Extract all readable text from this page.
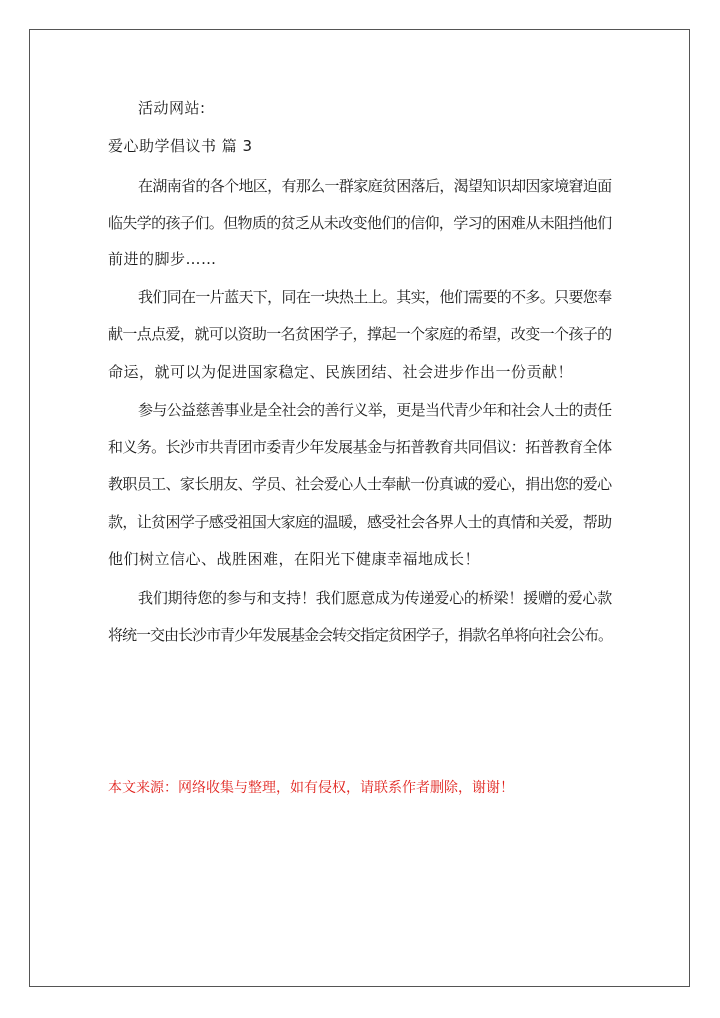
活动网站:
爱心助学倡议书 篇 3
在湖南省的各个地区，有那么一群家庭贫困落后，渴望知识却因家境窘迫面
临失学的孩子们。但物质的贫乏从未改变他们的信仰，学习的困难从未阻挡他们
前进的脚步……
我们同在一片蓝天下，同在一块热土上。其实，他们需要的不多。只要您奉
献一点点爱，就可以资助一名贫困学子，撑起一个家庭的希望，改变一个孩子的
命运，就可以为促进国家稳定、民族团结、社会进步作出一份贡献！
参与公益慈善事业是全社会的善行义举，更是当代青少年和社会人士的责任
和义务。长沙市共青团市委青少年发展基金与拓普教育共同倡议：拓普教育全体
教职员工、家长朋友、学员、社会爱心人士奉献一份真诚的爱心，捐出您的爱心
款，让贫困学子感受祖国大家庭的温暖，感受社会各界人士的真情和关爱，帮助
他们树立信心、战胜困难，在阳光下健康幸福地成长！
我们期待您的参与和支持！我们愿意成为传递爱心的桥梁！援赠的爱心款
将统一交由长沙市青少年发展基金会转交指定贫困学子，捐款名单将向社会公布。
本文来源：网络收集与整理，如有侵权，请联系作者删除，谢谢！
